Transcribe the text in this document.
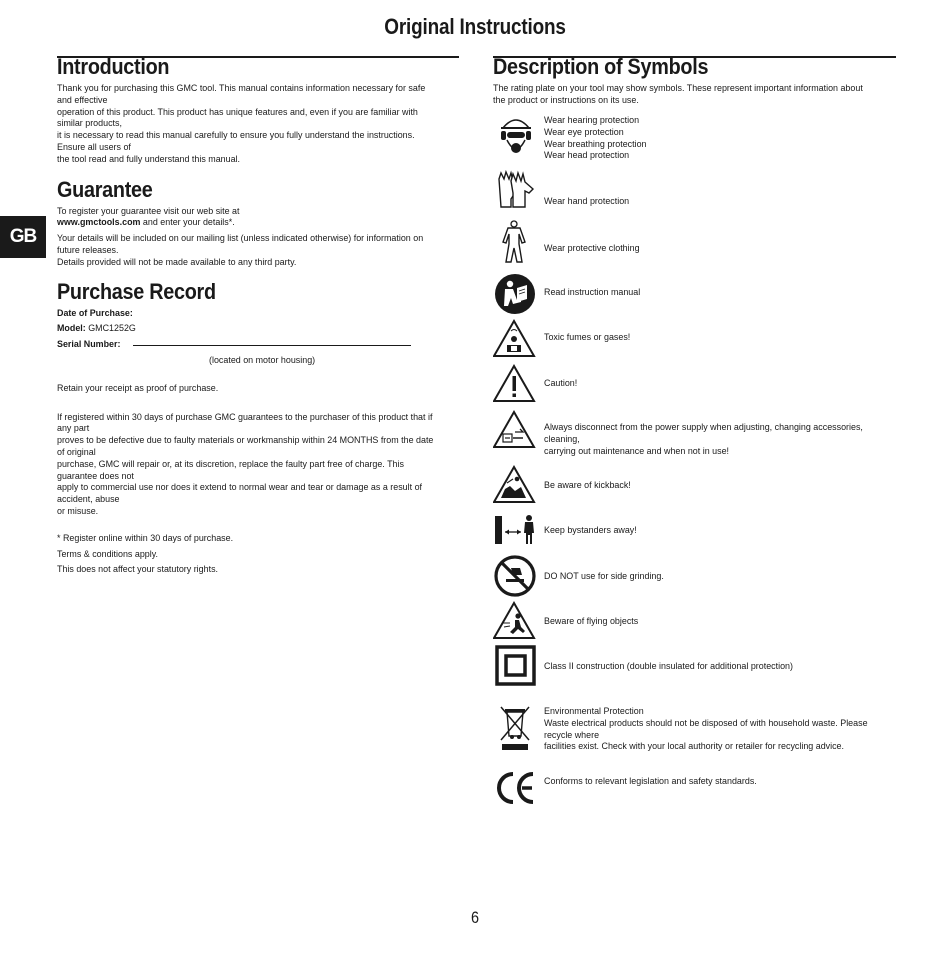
Original Instructions
GB
Introduction

Thank you for purchasing this GMC tool. This manual contains information necessary for safe and effective

operation of this product. This product has unique features and, even if you are familiar with similar products,

it is necessary to read this manual carefully to ensure you fully understand the instructions. Ensure all users of

the tool read and fully understand this manual.

Guarantee

To register your guarantee visit our web site at

www.gmctools.com and enter your details*.

Your details will be included on our mailing list (unless indicated otherwise) for information on future releases.

Details provided will not be made available to any third party.

Purchase Record

Date of Purchase:

Model: GMC1252G

Serial Number:

(located on motor housing)

Retain your receipt as proof of purchase.

If registered within 30 days of purchase GMC guarantees to the purchaser of this product that if any part

proves to be defective due to faulty materials or workmanship within 24 MONTHS from the date of original

purchase, GMC will repair or, at its discretion, replace the faulty part free of charge. This guarantee does not

apply to commercial use nor does it extend to normal wear and tear or damage as a result of accident, abuse

or misuse.

* Register online within 30 days of purchase.

Terms & conditions apply.

This does not affect your statutory rights.

Description of Symbols

The rating plate on your tool may show symbols. These represent important information about

the product or instructions on its use.

Wear hearing protection
Wear eye protection
Wear breathing protection
Wear head protection
Wear hand protection
Wear protective clothing
Read instruction manual
Toxic fumes or gases!
Caution!
Always disconnect from the power supply when adjusting, changing accessories, cleaning,
carrying out maintenance and when not in use!
Be aware of kickback!
Keep bystanders away!
DO NOT use for side grinding.
Beware of flying objects
Class II construction (double insulated for additional protection)
Environmental Protection
Waste electrical products should not be disposed of with household waste. Please recycle where
facilities exist. Check with your local authority or retailer for recycling advice.
Conforms to relevant legislation and safety standards.
6
